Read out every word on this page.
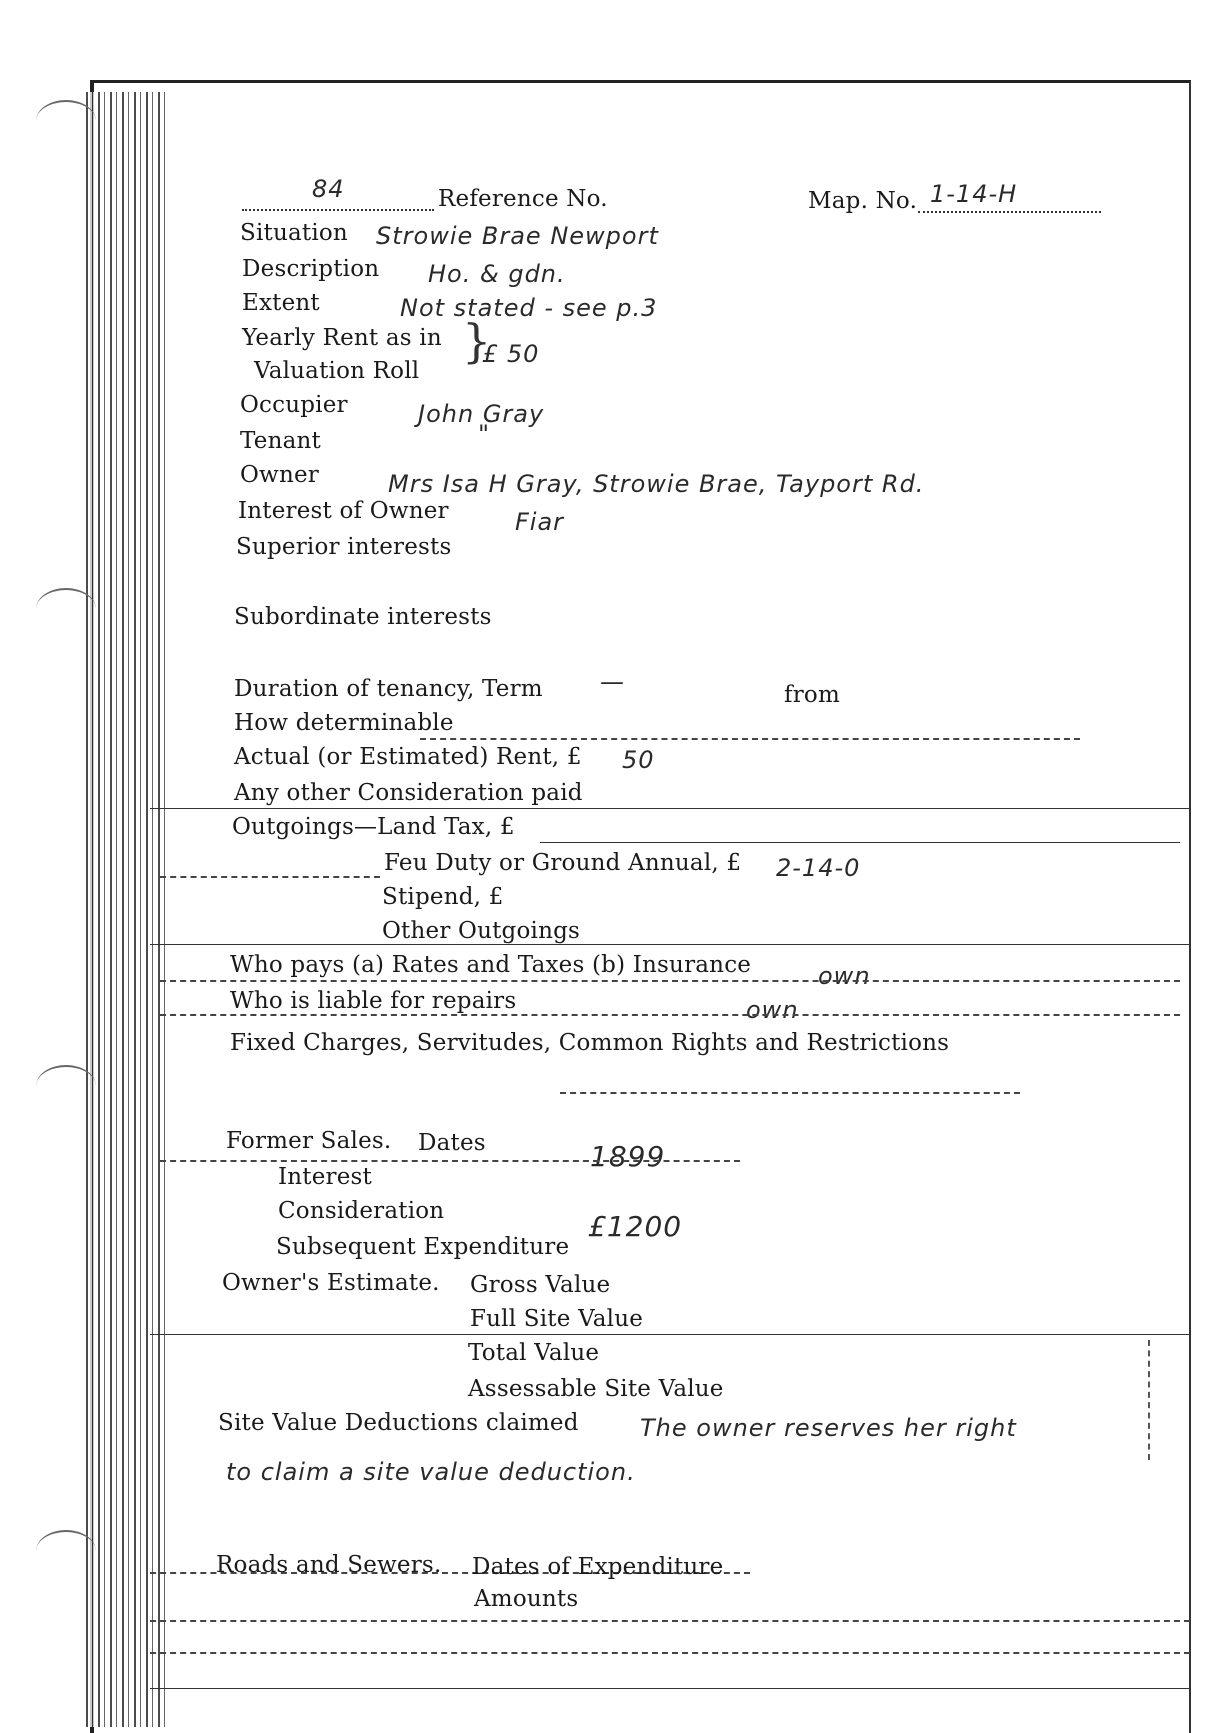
84	Reference No.	Map. No. 1-14-H
Situation Strowie Brae Newport
Description Ho. & gdn.
Extent	Not stated - see p.3
Yearly Rent as in
Valuation Roll
}
£ 50
Occupier	John Gray
Tenant	"
Owner	Mrs Isa H Gray, Strowie Brae, Tayport Rd.
Interest of Owner	Fiar
Superior interests
Subordinate interests
Duration of tenancy, Term —	from
How determinable
Actual (or Estimated) Rent, £ 50
Any other Consideration paid
Outgoings—Land Tax, £
Feu Duty or Ground Annual, £ 2-14-0
Stipend, £
Other Outgoings
Who pays (a) Rates and Taxes (b) Insurance	own
Who is liable for repairs	own
Fixed Charges, Servitudes, Common Rights and Restrictions
Former Sales. Dates	1899
Interest
Consideration	£1200
Subsequent Expenditure
Owner's Estimate. Gross Value
Full Site Value
Total Value
Assessable Site Value
Site Value Deductions claimed	The owner reserves her right
to claim a site value deduction.
Roads and Sewers. Dates of Expenditure
Amounts
